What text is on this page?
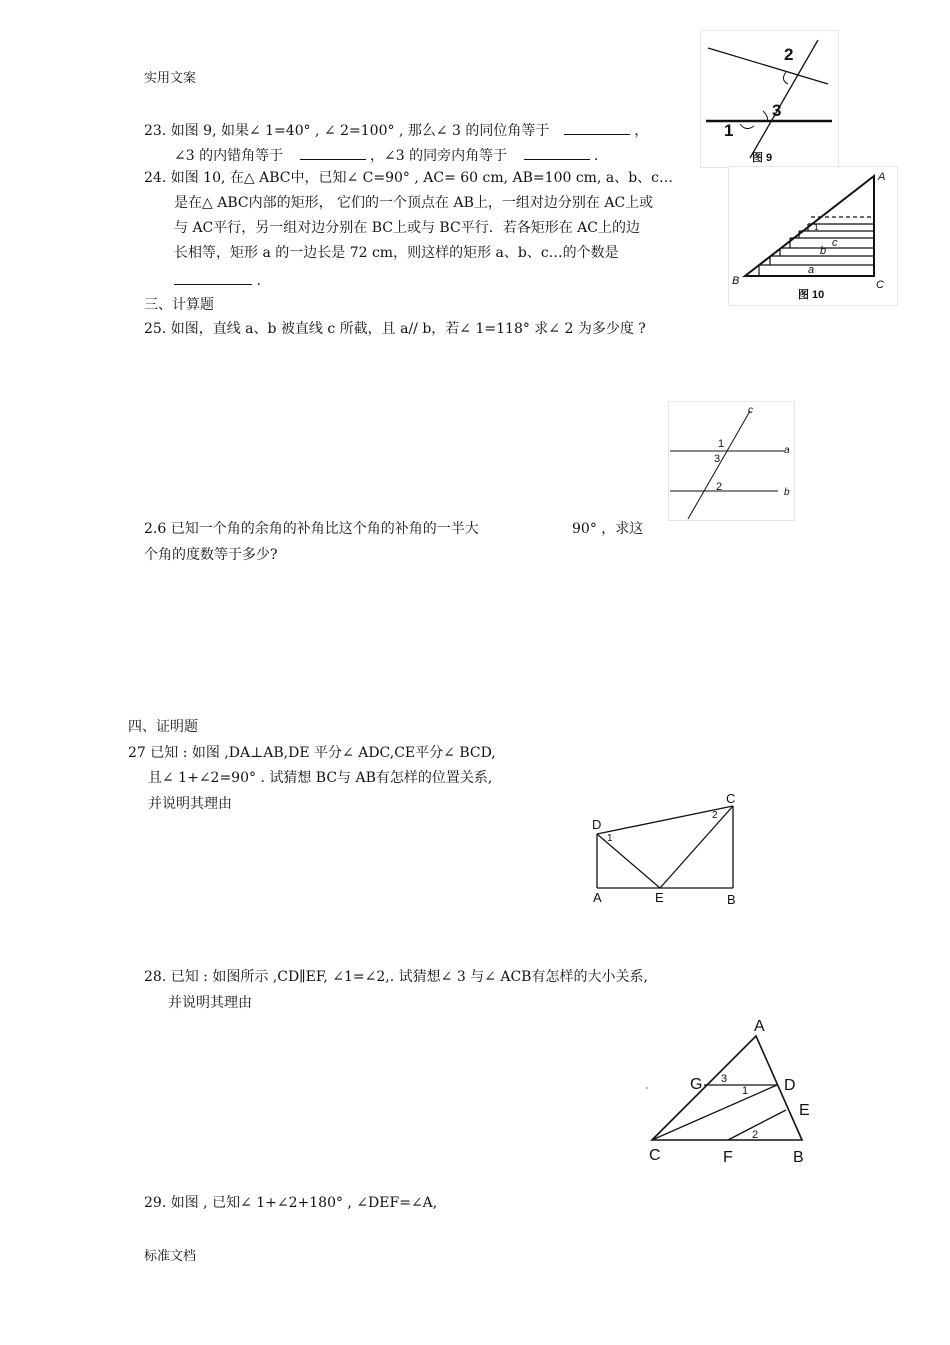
实用文案
标准文档
23. 如图 9, 如果∠ 1=40° , ∠ 2=100° , 那么∠ 3 的同位角等于	，
∠3 的内错角等于	，∠3 的同旁内角等于	.
24. 如图 10, 在△ ABC中，已知∠ C=90° , AC= 60 cm, AB=100 cm, a、b、c…
是在△ ABC内部的矩形， 它们的一个顶点在 AB上，一组对边分别在 AC上或
与 AC平行，另一组对边分别在 BC上或与 BC平行．若各矩形在 AC上的边
长相等，矩形 a 的一边长是 72 cm，则这样的矩形 a、b、c…的个数是
.
三、计算题
25. 如图，直线 a、b 被直线 c 所截，且 a// b，若∠ 1=118° 求∠ 2 为多少度 ?
2.6 已知一个角的余角的补角比这个角的补角的一半大	90° ，求这
个角的度数等于多少?
四、证明题
27 已知 : 如图 ,DA⊥AB,DE 平分∠ ADC,CE平分∠ BCD,
且∠ 1+∠2=90° . 试猜想 BC与 AB有怎样的位置关系,
并说明其理由
28. 已知 : 如图所示 ,CD∥EF, ∠1=∠2,. 试猜想∠ 3 与∠ ACB有怎样的大小关系,
并说明其理由
29. 如图 , 已知∠ 1+∠2+180° , ∠DEF=∠A,
2
3
1
图 9
A
B	C
a
b
c
1
图 10
c
a
b
1
2
3
D
C
A	E	B
1
2
A
G	D
E
C	F	B
1
2
3
